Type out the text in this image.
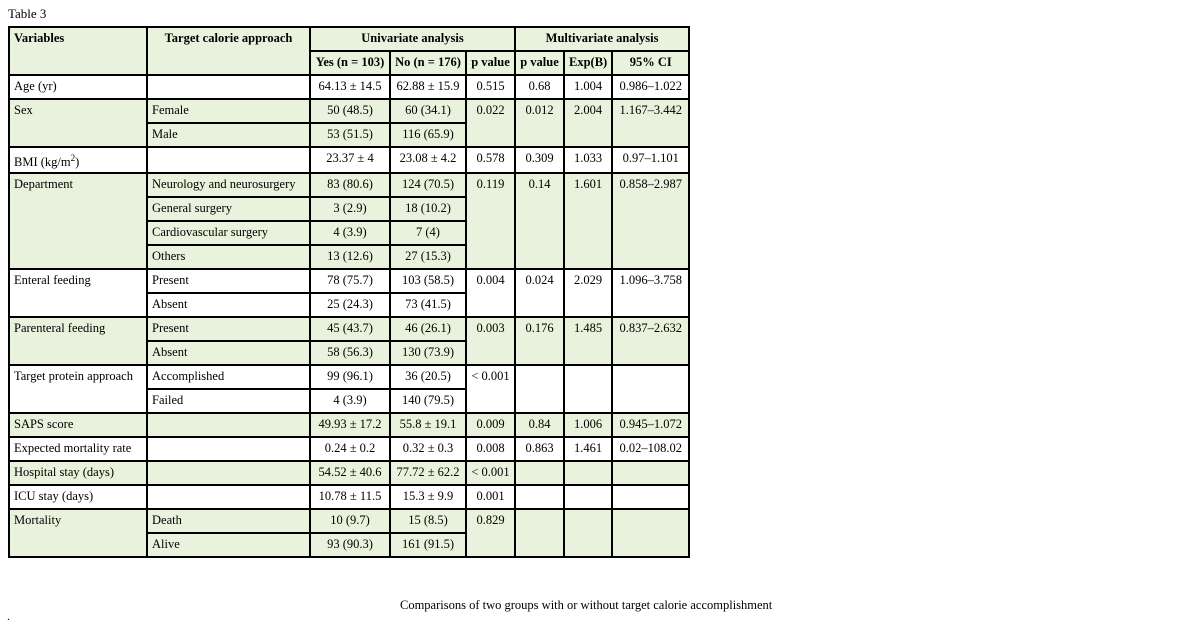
Table 3
Variables	Target calorie approach	Univariate analysis			Multivariate analysis		
		Yes (n = 103)	No (n = 176)	p value	p value	Exp(B)	95% CI
Age (yr)		64.13 ± 14.5	62.88 ± 15.9	0.515	0.68	1.004	0.986–1.022
Sex	Female	50 (48.5)	60 (34.1)	0.022	0.012	2.004	1.167–3.442
	Male	53 (51.5)	116 (65.9)				
BMI $(kg/m^2)$		23.37 ± 4	23.08 ± 4.2	0.578	0.309	1.033	0.97–1.101
Department	Neurology and neurosurgery	83 (80.6)	124 (70.5)	0.119	0.14	1.601	0.858–2.987
	General surgery	3 (2.9)	18 (10.2)				
	Cardiovascular surgery	4 (3.9)	7 (4)				
	Others	13 (12.6)	27 (15.3)				
Enteral feeding	Present	78 (75.7)	103 (58.5)	0.004	0.024	2.029	1.096–3.758
	Absent	25 (24.3)	73 (41.5)				
Parenteral feeding	Present	45 (43.7)	46 (26.1)	0.003	0.176	1.485	0.837–2.632
	Absent	58 (56.3)	130 (73.9)				
Target protein approach	Accomplished	99 (96.1)	36 (20.5)	< 0.001			
	Failed	4 (3.9)	140 (79.5)				
SAPS score		49.93 ± 17.2	55.8 ± 19.1	0.009	0.84	1.006	0.945–1.072
Expected mortality rate		0.24 ± 0.2	0.32 ± 0.3	0.008	0.863	1.461	0.02–108.02
Hospital stay (days)		54.52 ± 40.6	77.72 ± 62.2	< 0.001			
ICU stay (days)		10.78 ± 11.5	15.3 ± 9.9	0.001			
Mortality	Death	10 (9.7)	15 (8.5)	0.829			
	Alive	93 (90.3)	161 (91.5)				
Comparisons of two groups with or without target calorie accomplishment
.
